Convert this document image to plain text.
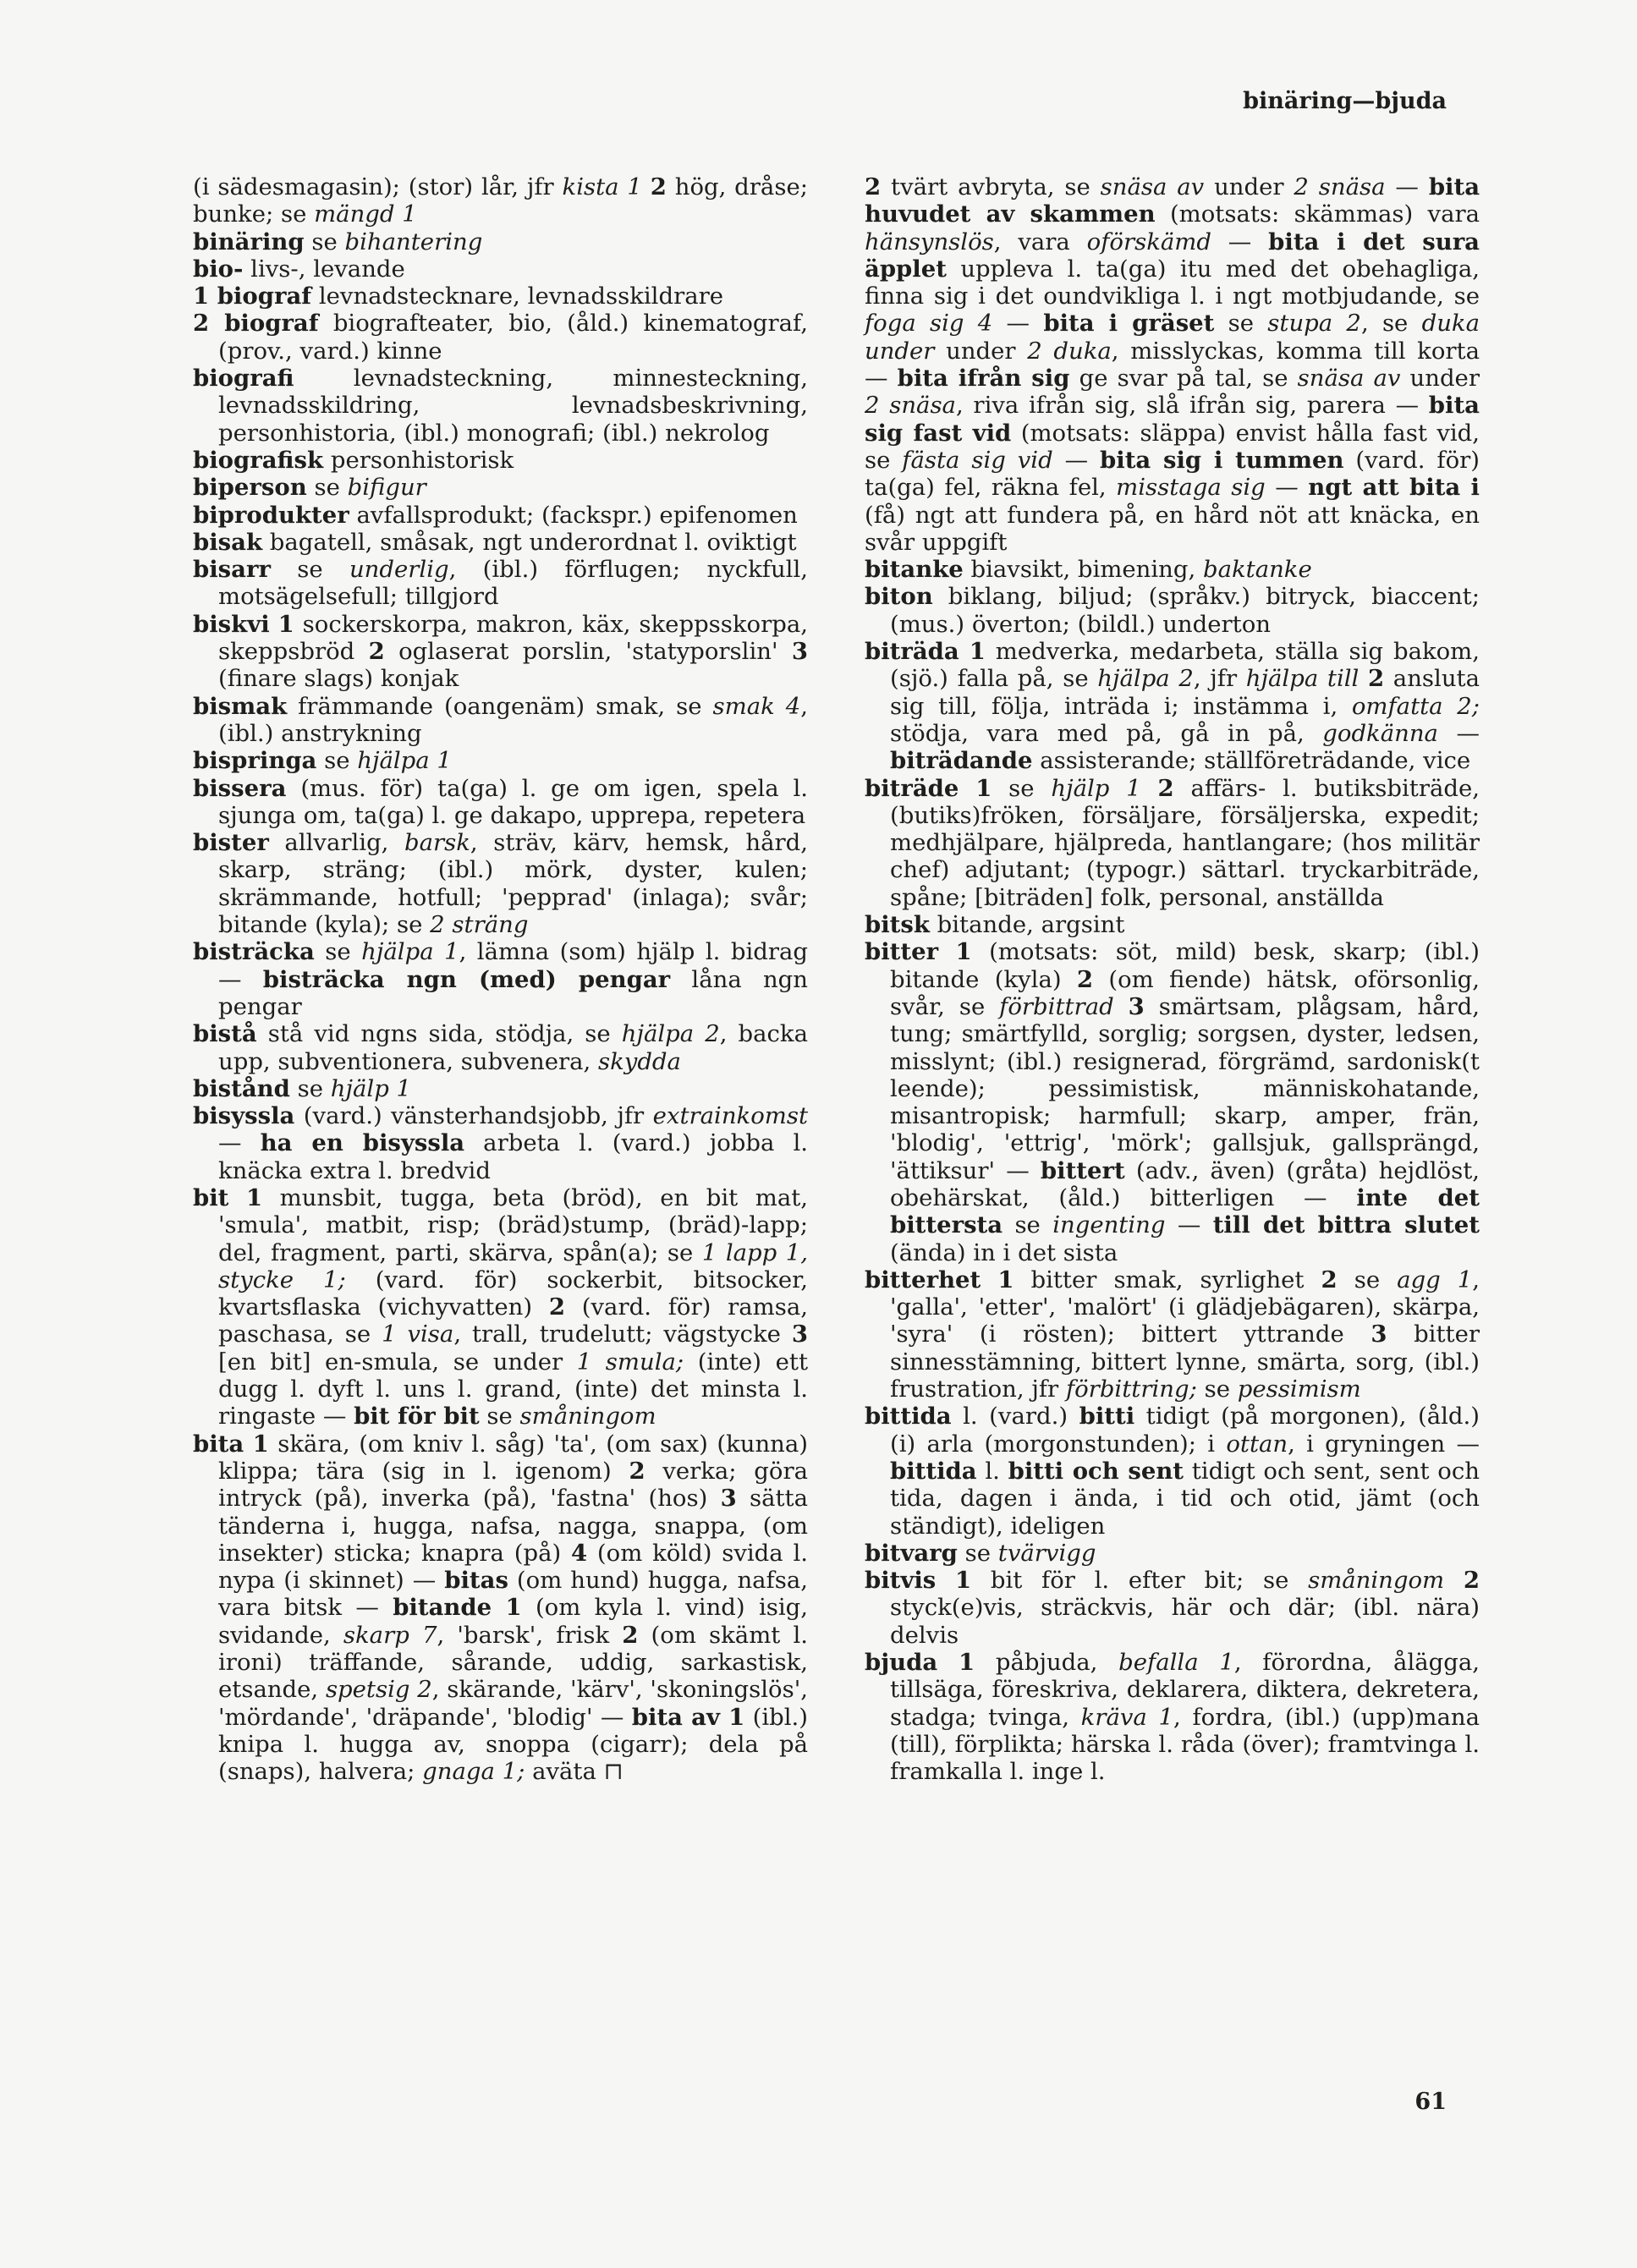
binäring—bjuda

(i sädesmagasin); (stor) lår, jfr kista 1 2 hög, dråse; bunke; se mängd 1

binäring se bihantering

bio- livs-, levande

1 biograf levnadstecknare, levnadsskildrare

2 biograf biografteater, bio, (åld.) kinematograf, (prov., vard.) kinne

biografi levnadsteckning, minnesteckning, levnadsskildring, levnadsbeskrivning, personhistoria, (ibl.) monografi; (ibl.) nekrolog

biografisk personhistorisk

biperson se bifigur

biprodukter avfallsprodukt; (fackspr.) epifenomen

bisak bagatell, småsak, ngt underordnat l. oviktigt

bisarr se underlig, (ibl.) förflugen; nyckfull, motsägelsefull; tillgjord

biskvi 1 sockerskorpa, makron, käx, skeppsskorpa, skeppsbröd 2 oglaserat porslin, 'statyporslin' 3 (finare slags) konjak

bismak främmande (oangenäm) smak, se smak 4, (ibl.) anstrykning

bispringa se hjälpa 1

bissera (mus. för) ta(ga) l. ge om igen, spela l. sjunga om, ta(ga) l. ge dakapo, upprepa, repetera

bister allvarlig, barsk, sträv, kärv, hemsk, hård, skarp, sträng; (ibl.) mörk, dyster, kulen; skrämmande, hotfull; 'pepprad' (inlaga); svår; bitande (kyla); se 2 sträng

bisträcka se hjälpa 1, lämna (som) hjälp l. bidrag — bisträcka ngn (med) pengar låna ngn pengar

bistå stå vid ngns sida, stödja, se hjälpa 2, backa upp, subventionera, subvenera, skydda

bistånd se hjälp 1

bisyssla (vard.) vänsterhandsjobb, jfr extrainkomst — ha en bisyssla arbeta l. (vard.) jobba l. knäcka extra l. bredvid

bit 1 munsbit, tugga, beta (bröd), en bit mat, 'smula', matbit, risp; (bräd)stump, (bräd)-lapp; del, fragment, parti, skärva, spån(a); se 1 lapp 1, stycke 1; (vard. för) sockerbit, bitsocker, kvartsflaska (vichyvatten) 2 (vard. för) ramsa, paschasa, se 1 visa, trall, trudelutt; vägstycke 3 [en bit] en-smula, se under 1 smula; (inte) ett dugg l. dyft l. uns l. grand, (inte) det minsta l. ringaste — bit för bit se småningom

bita 1 skära, (om kniv l. såg) 'ta', (om sax) (kunna) klippa; tära (sig in l. igenom) 2 verka; göra intryck (på), inverka (på), 'fastna' (hos) 3 sätta tänderna i, hugga, nafsa, nagga, snappa, (om insekter) sticka; knapra (på) 4 (om köld) svida l. nypa (i skinnet) — bitas (om hund) hugga, nafsa, vara bitsk — bitande 1 (om kyla l. vind) isig, svidande, skarp 7, 'barsk', frisk 2 (om skämt l. ironi) träffande, sårande, uddig, sarkastisk, etsande, spetsig 2, skärande, 'kärv', 'skoningslös', 'mördande', 'dräpande', 'blodig' — bita av 1 (ibl.) knipa l. hugga av, snoppa (cigarr); dela på (snaps), halvera; gnaga 1; aväta ⊓

2 tvärt avbryta, se snäsa av under 2 snäsa — bita huvudet av skammen (motsats: skämmas) vara hänsynslös, vara oförskämd — bita i det sura äpplet uppleva l. ta(ga) itu med det obehagliga, finna sig i det oundvikliga l. i ngt motbjudande, se foga sig 4 — bita i gräset se stupa 2, se duka under under 2 duka, misslyckas, komma till korta — bita ifrån sig ge svar på tal, se snäsa av under 2 snäsa, riva ifrån sig, slå ifrån sig, parera — bita sig fast vid (motsats: släppa) envist hålla fast vid, se fästa sig vid — bita sig i tummen (vard. för) ta(ga) fel, räkna fel, misstaga sig — ngt att bita i (få) ngt att fundera på, en hård nöt att knäcka, en svår uppgift

bitanke biavsikt, bimening, baktanke

biton biklang, biljud; (språkv.) bitryck, biaccent; (mus.) överton; (bildl.) underton

biträda 1 medverka, medarbeta, ställa sig bakom, (sjö.) falla på, se hjälpa 2, jfr hjälpa till 2 ansluta sig till, följa, inträda i; instämma i, omfatta 2; stödja, vara med på, gå in på, godkänna — biträdande assisterande; ställföreträdande, vice

biträde 1 se hjälp 1 2 affärs- l. butiksbiträde, (butiks)fröken, försäljare, försäljerska, expedit; medhjälpare, hjälpreda, hantlangare; (hos militär chef) adjutant; (typogr.) sättarl. tryckarbiträde, spåne; [biträden] folk, personal, anställda

bitsk bitande, argsint

bitter 1 (motsats: söt, mild) besk, skarp; (ibl.) bitande (kyla) 2 (om fiende) hätsk, oförsonlig, svår, se förbittrad 3 smärtsam, plågsam, hård, tung; smärtfylld, sorglig; sorgsen, dyster, ledsen, misslynt; (ibl.) resignerad, förgrämd, sardonisk(t leende); pessimistisk, människohatande, misantropisk; harmfull; skarp, amper, frän, 'blodig', 'ettrig', 'mörk'; gallsjuk, gallsprängd, 'ättiksur' — bittert (adv., även) (gråta) hejdlöst, obehärskat, (åld.) bitterligen — inte det bittersta se ingenting — till det bittra slutet (ända) in i det sista

bitterhet 1 bitter smak, syrlighet 2 se agg 1, 'galla', 'etter', 'malört' (i glädjebägaren), skärpa, 'syra' (i rösten); bittert yttrande 3 bitter sinnesstämning, bittert lynne, smärta, sorg, (ibl.) frustration, jfr förbittring; se pessimism

bittida l. (vard.) bitti tidigt (på morgonen), (åld.) (i) arla (morgonstunden); i ottan, i gryningen — bittida l. bitti och sent tidigt och sent, sent och tida, dagen i ända, i tid och otid, jämt (och ständigt), ideligen

bitvarg se tvärvigg

bitvis 1 bit för l. efter bit; se småningom 2 styck(e)vis, sträckvis, här och där; (ibl. nära) delvis

bjuda 1 påbjuda, befalla 1, förordna, ålägga, tillsäga, föreskriva, deklarera, diktera, dekretera, stadga; tvinga, kräva 1, fordra, (ibl.) (upp)mana (till), förplikta; härska l. råda (över); framtvinga l. framkalla l. inge l.

61
